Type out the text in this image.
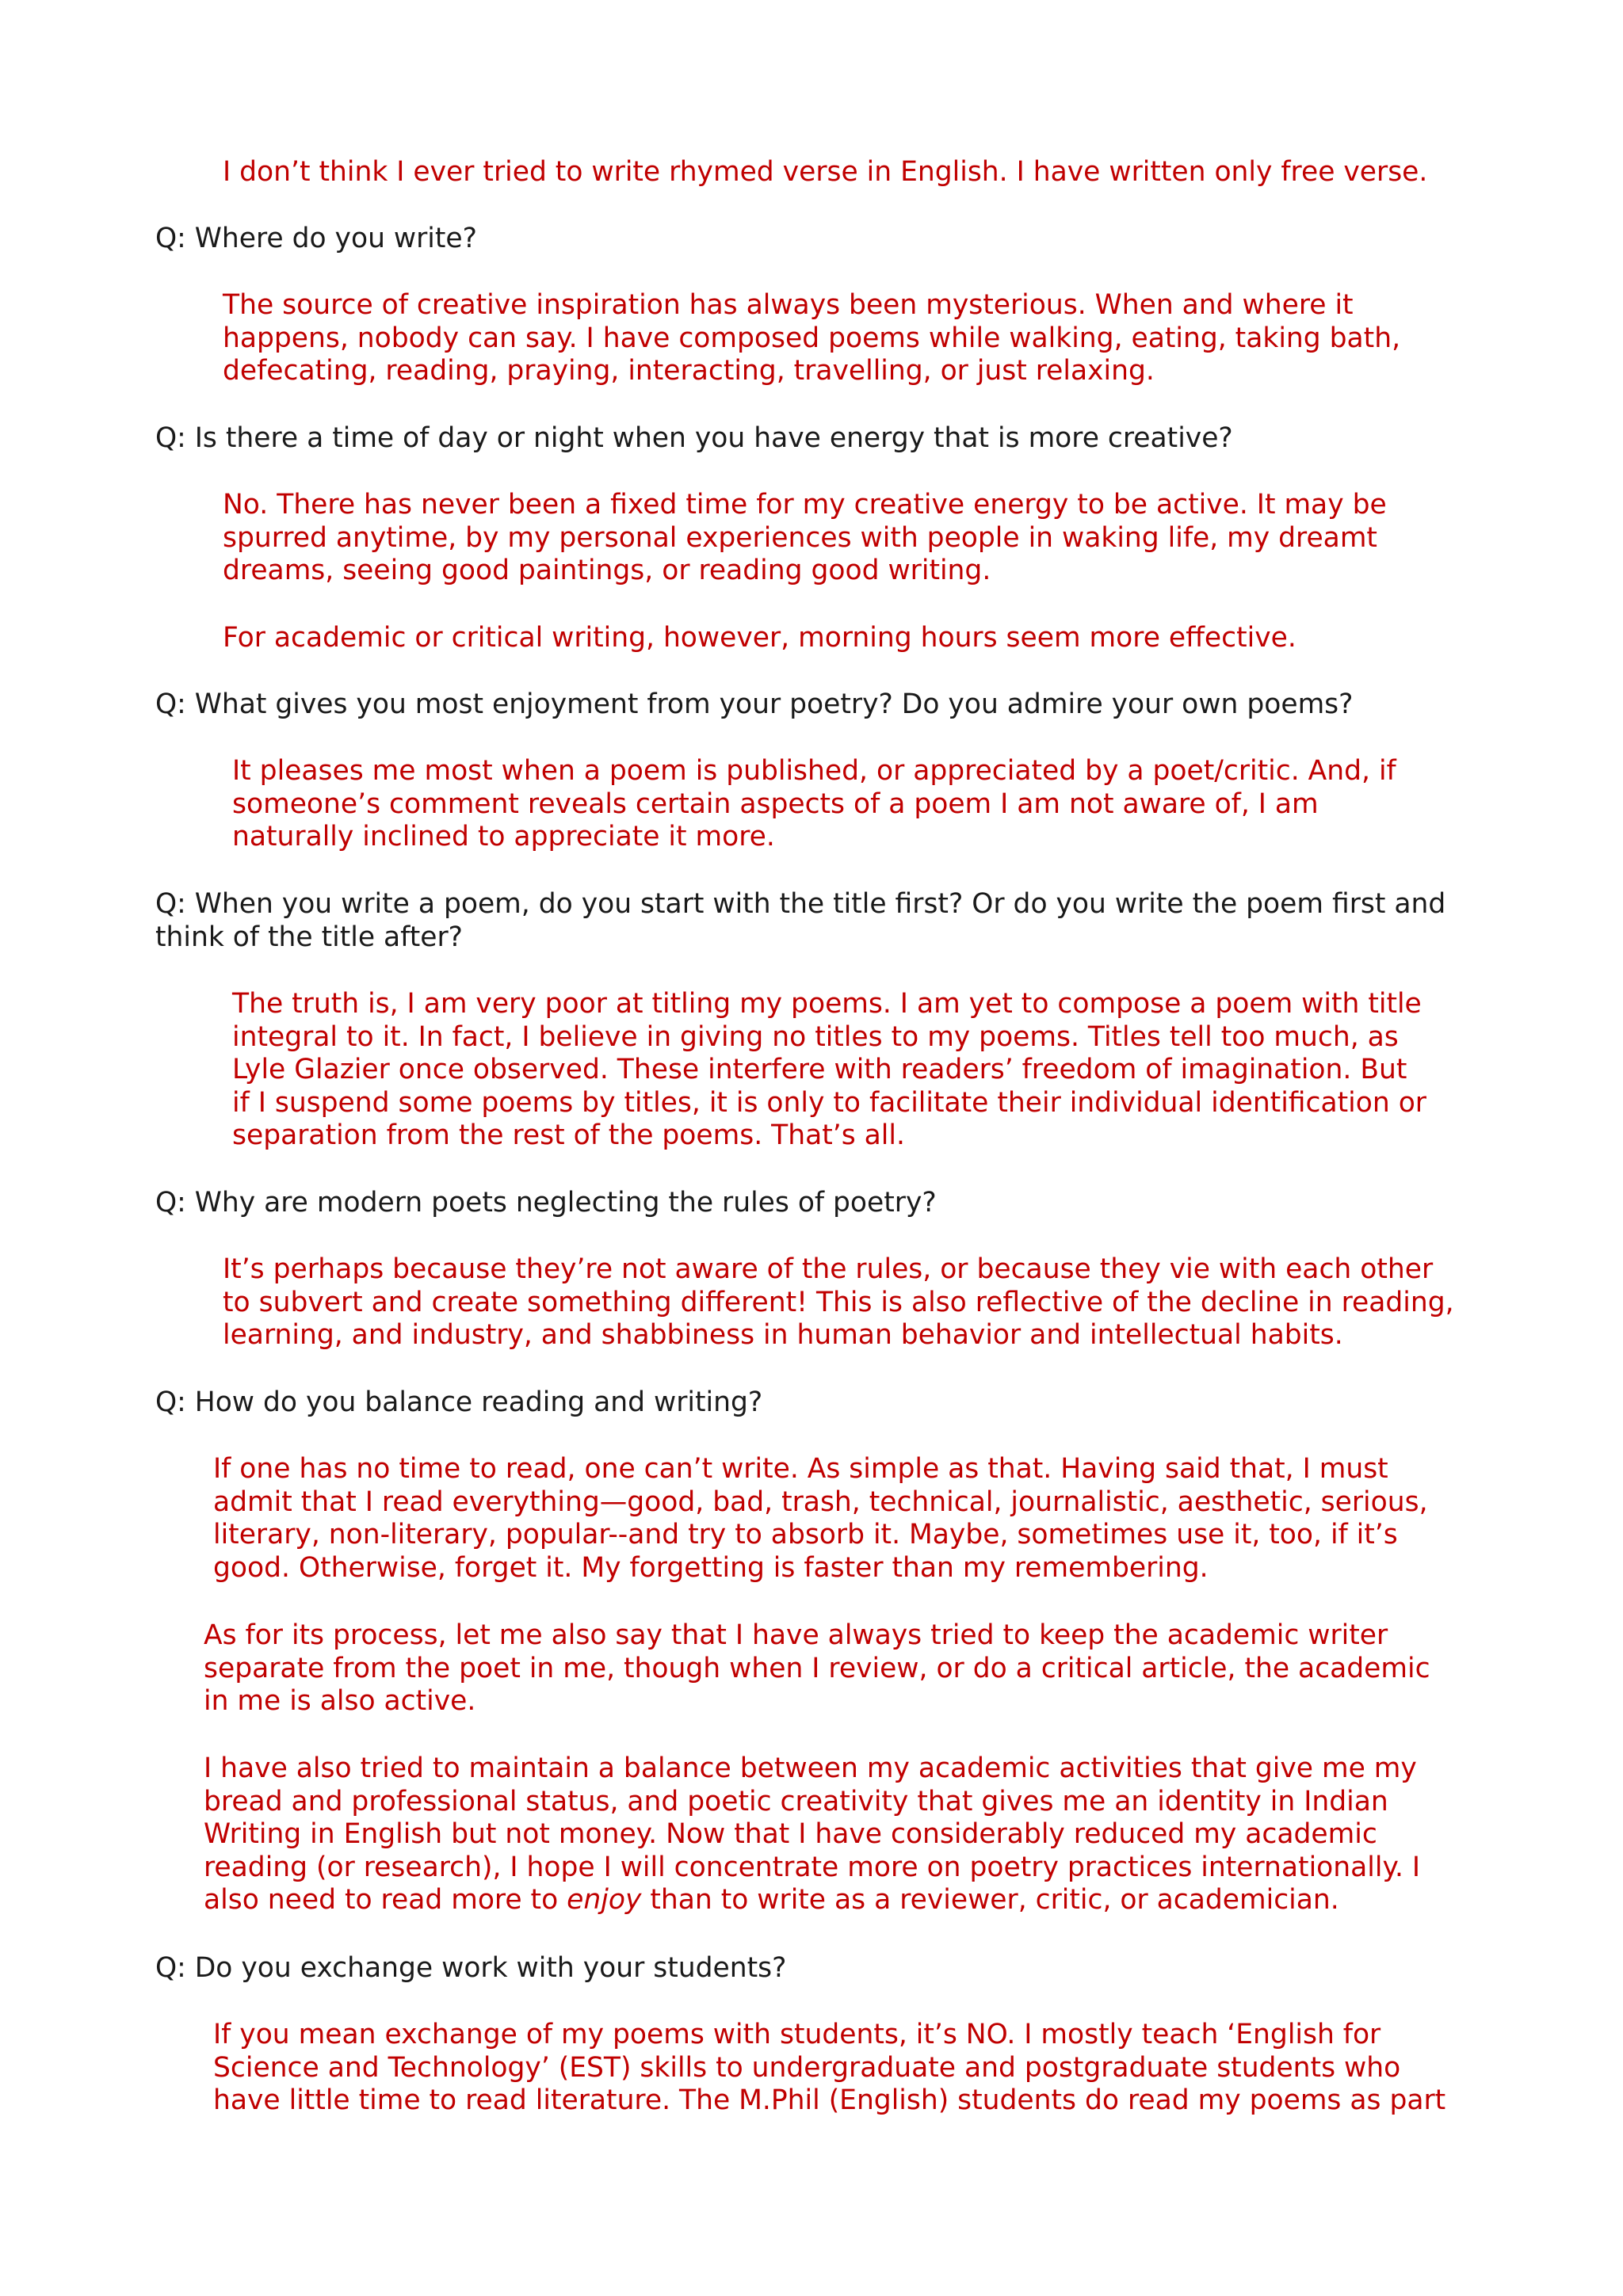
I don’t think I ever tried to write rhymed verse in English. I have written only free verse.
Q: Where do you write?
The source of creative inspiration has always been mysterious. When and where it
happens, nobody can say. I have composed poems while walking, eating, taking bath,
defecating, reading, praying, interacting, travelling, or just relaxing.
Q: Is there a time of day or night when you have energy that is more creative?
No. There has never been a fixed time for my creative energy to be active. It may be
spurred anytime, by my personal experiences with people in waking life, my dreamt
dreams, seeing good paintings, or reading good writing.
For academic or critical writing, however, morning hours seem more effective.
Q: What gives you most enjoyment from your poetry? Do you admire your own poems?
It pleases me most when a poem is published, or appreciated by a poet/critic. And, if
someone’s comment reveals certain aspects of a poem I am not aware of, I am
naturally inclined to appreciate it more.
Q: When you write a poem, do you start with the title first? Or do you write the poem first and
think of the title after?
The truth is, I am very poor at titling my poems. I am yet to compose a poem with title
integral to it. In fact, I believe in giving no titles to my poems. Titles tell too much, as
Lyle Glazier once observed. These interfere with readers’ freedom of imagination. But
if I suspend some poems by titles, it is only to facilitate their individual identification or
separation from the rest of the poems. That’s all.
Q: Why are modern poets neglecting the rules of poetry?
It’s perhaps because they’re not aware of the rules, or because they vie with each other
to subvert and create something different! This is also reflective of the decline in reading,
learning, and industry, and shabbiness in human behavior and intellectual habits.
Q: How do you balance reading and writing?
If one has no time to read, one can’t write. As simple as that. Having said that, I must
admit that I read everything—good, bad, trash, technical, journalistic, aesthetic, serious,
literary, non-literary, popular--and try to absorb it. Maybe, sometimes use it, too, if it’s
good. Otherwise, forget it. My forgetting is faster than my remembering.
As for its process, let me also say that I have always tried to keep the academic writer
separate from the poet in me, though when I review, or do a critical article, the academic
in me is also active.
I have also tried to maintain a balance between my academic activities that give me my
bread and professional status, and poetic creativity that gives me an identity in Indian
Writing in English but not money. Now that I have considerably reduced my academic
reading (or research), I hope I will concentrate more on poetry practices internationally. I
also need to read more to enjoy than to write as a reviewer, critic, or academician.
Q: Do you exchange work with your students?
If you mean exchange of my poems with students, it’s NO. I mostly teach ‘English for
Science and Technology’ (EST) skills to undergraduate and postgraduate students who
have little time to read literature. The M.Phil (English) students do read my poems as part
